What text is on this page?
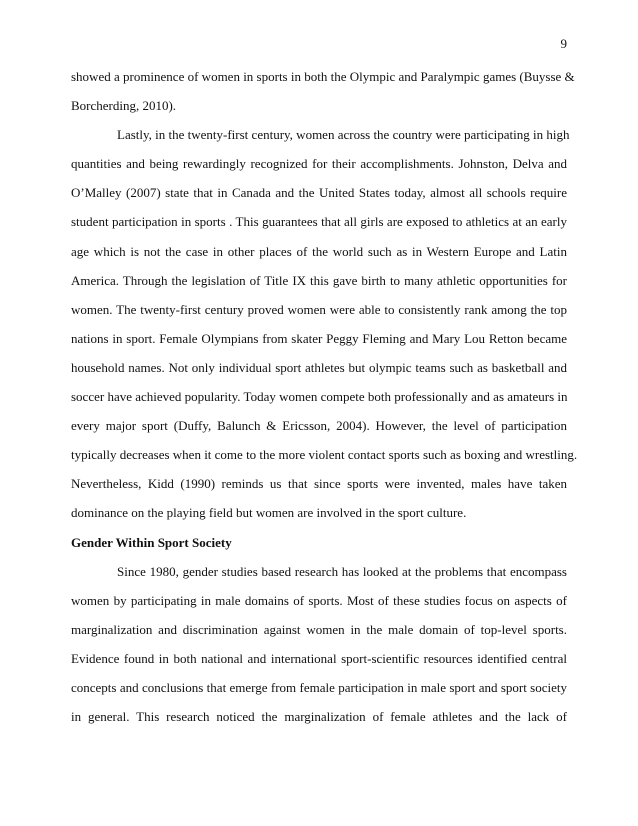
9
showed a prominence of women in sports in both the Olympic and Paralympic games (Buysse &
Borcherding, 2010).
Lastly, in the twenty-first century, women across the country were participating in high
quantities and being rewardingly recognized for their accomplishments. Johnston, Delva and
O’Malley (2007) state that in Canada and the United States today, almost all schools require
student participation in sports . This guarantees that all girls are exposed to athletics at an early
age which is not the case in other places of the world such as in Western Europe and Latin
America. Through the legislation of Title IX this gave birth to many athletic opportunities for
women. The twenty-first century proved women were able to consistently rank among the top
nations in sport. Female Olympians from skater Peggy Fleming and Mary Lou Retton became
household names. Not only individual sport athletes but olympic teams such as basketball and
soccer have achieved popularity. Today women compete both professionally and as amateurs in
every major sport (Duffy, Balunch & Ericsson, 2004). However, the level of participation
typically decreases when it come to the more violent contact sports such as boxing and wrestling.
Nevertheless, Kidd (1990) reminds us that since sports were invented, males have taken
dominance on the playing field but women are involved in the sport culture.
Gender Within Sport Society
Since 1980, gender studies based research has looked at the problems that encompass
women by participating in male domains of sports. Most of these studies focus on aspects of
marginalization and discrimination against women in the male domain of top-level sports.
Evidence found in both national and international sport-scientific resources identified central
concepts and conclusions that emerge from female participation in male sport and sport society
in general. This research noticed the marginalization of female athletes and the lack of
